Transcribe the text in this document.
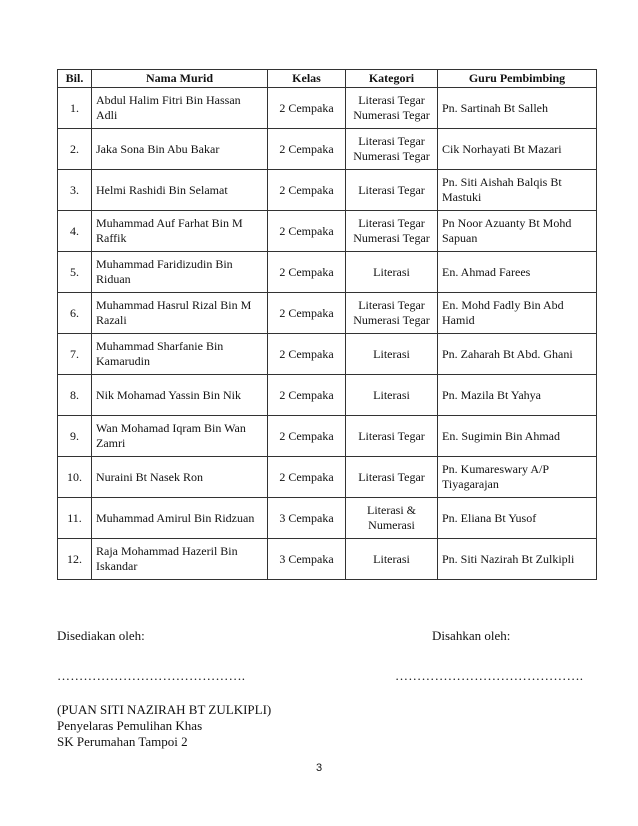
Bil.	Nama Murid	Kelas	Kategori	Guru Pembimbing
1.	Abdul Halim Fitri Bin Hassan Adli	2 Cempaka	Literasi Tegar Numerasi Tegar	Pn. Sartinah Bt Salleh
2.	Jaka Sona Bin Abu Bakar	2 Cempaka	Literasi Tegar Numerasi Tegar	Cik Norhayati Bt Mazari
3.	Helmi Rashidi Bin Selamat	2 Cempaka	Literasi Tegar	Pn. Siti Aishah Balqis Bt Mastuki
4.	Muhammad Auf Farhat Bin M Raffik	2 Cempaka	Literasi Tegar Numerasi Tegar	Pn Noor Azuanty Bt Mohd Sapuan
5.	Muhammad Faridizudin Bin Riduan	2 Cempaka	Literasi	En. Ahmad Farees
6.	Muhammad Hasrul Rizal Bin M Razali	2 Cempaka	Literasi Tegar Numerasi Tegar	En. Mohd Fadly Bin Abd Hamid
7.	Muhammad Sharfanie Bin Kamarudin	2 Cempaka	Literasi	Pn. Zaharah Bt Abd. Ghani
8.	Nik Mohamad Yassin Bin Nik	2 Cempaka	Literasi	Pn. Mazila Bt Yahya
9.	Wan Mohamad Iqram Bin Wan Zamri	2 Cempaka	Literasi Tegar	En. Sugimin Bin Ahmad
10.	Nuraini Bt Nasek Ron	2 Cempaka	Literasi Tegar	Pn. Kumareswary A/P Tiyagarajan
11.	Muhammad Amirul Bin Ridzuan	3 Cempaka	Literasi & Numerasi	Pn. Eliana Bt Yusof
12.	Raja Mohammad Hazeril Bin Iskandar	3 Cempaka	Literasi	Pn. Siti Nazirah Bt Zulkipli
Disediakan oleh:	Disahkan oleh:
…………………………………….	…………………………………….
(PUAN SITI NAZIRAH BT ZULKIPLI)
Penyelaras Pemulihan Khas
SK Perumahan Tampoi 2
3
